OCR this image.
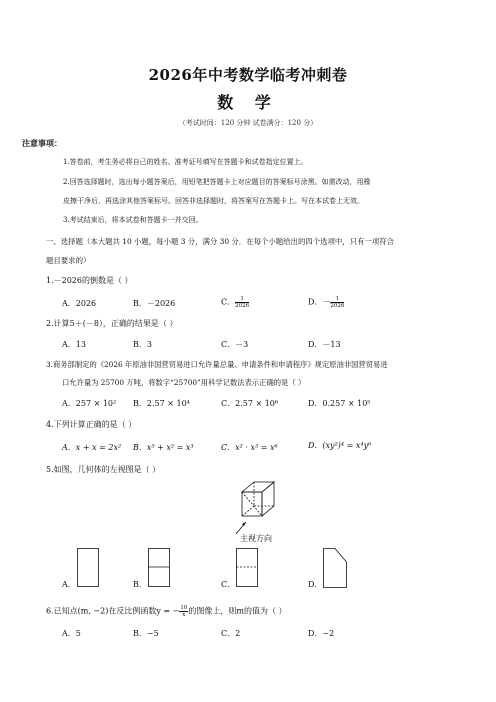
2026年中考数学临考冲刺卷
数 学
（考试时间：120 分钟 试卷满分：120 分）
注意事项：
1.答卷前，考生务必将自己的姓名、准考证号填写在答题卡和试卷指定位置上。
2.回答选择题时，选出每小题答案后，用铅笔把答题卡上对应题目的答案标号涂黑。如需改动，用橡
皮擦干净后，再选涂其他答案标号。回答非选择题时，将答案写在答题卡上。写在本试卷上无效。
3.考试结束后，将本试卷和答题卡一并交回。
一、选择题（本大题共 10 小题，每小题 3 分，满分 30 分．在每个小题给出的四个选项中，只有一项符合
题目要求的）
1.－2026的倒数是（ ）
A．2026	B．－2026	C． $\frac{1}{2026}$	D．－ $\frac{1}{2026}$
2.计算5＋(－8），正确的结果是（ ）
A．13	B．3	C．－3	D．－13
3.商务部制定的《2026 年原油非国营贸易进口允许量总量、申请条件和申请程序》规定原油非国营贸易进
口允许量为 25700 万吨，将数字“25700”用科学记数法表示正确的是（ ）
A．257 × 10² B．2.57 × 10⁴	C．2.57 × 10⁶	D．0.257 × 10⁵
4.下列计算正确的是（ ）
A．x + x = 2x² B．x⁵ + x² = x³	C．x² · x³ = x⁶	D．(xy²)⁴ = x⁴y⁶
5.如图，几何体的左视图是（ ）
主视方向
A．	B．	C．	D．
6.已知点(m, −2)在反比例函数y = − $\frac{10}{x}$ 的图像上，则m的值为（ ）
A．5	B．−5	C．2	D．−2
